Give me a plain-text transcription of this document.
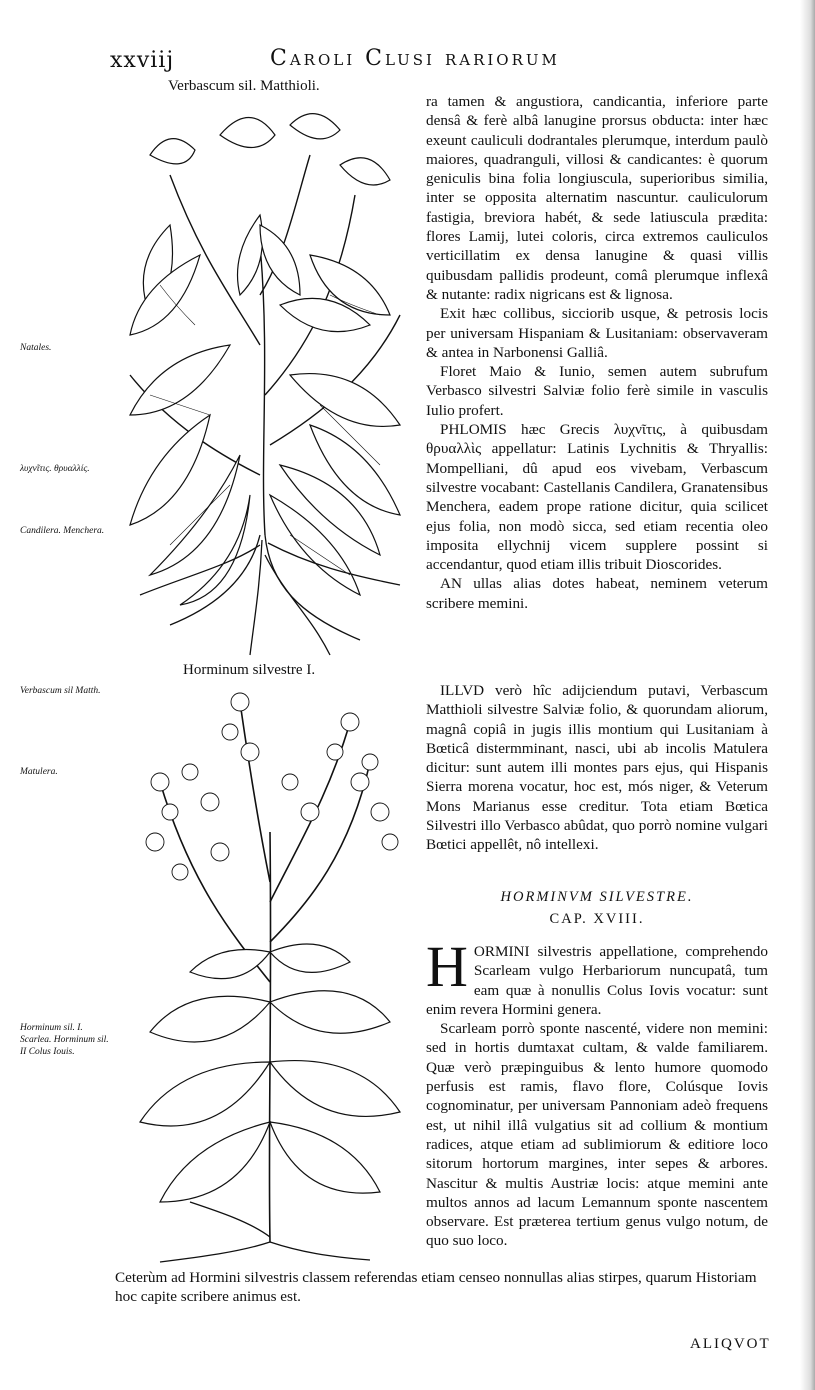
xxviij	Caroli Clusi rariorum
Verbascum sil. Matthioli.
Horminum silvestre I.
Natales.
λυχνῖτις. θρυαλλίς.
Candilera. Menchera.
Verbascum sil Matth.
Matulera.
Horminum sil. I. Scarlea. Horminum sil. II Colus Iouis.

ra tamen & angustiora, candicantia, inferiore parte densâ & ferè albâ lanugine prorsus obducta: inter hæc exeunt cauliculi dodrantales plerumque, interdum paulò maiores, quadranguli, villosi & candicantes: è quorum geniculis bina folia longiuscula, superioribus similia, inter se opposita alternatim nascuntur. cauliculorum fastigia, breviora habét, & sede latiuscula prædita: flores Lamij, lutei coloris, circa extremos cauliculos verticillatim ex densa lanugine & quasi villis quibusdam pallidis prodeunt, comâ plerumque inflexâ & nutante: radix nigricans est & lignosa.

Exit hæc collibus, sicciorib usque, & petrosis locis per universam Hispaniam & Lusitaniam: observaveram & antea in Narbonensi Galliâ.

Floret Maio & Iunio, semen autem subrufum Verbasco silvestri Salviæ folio ferè simile in vasculis Iulio profert.

PHLOMIS hæc Grecis λυχνῖτις, à quibusdam θρυαλλὶς appellatur: Latinis Lychnitis & Thryallis: Mompelliani, dû apud eos vivebam, Verbascum silvestre vocabant: Castellanis Candilera, Granatensibus Menchera, eadem prope ratione dicitur, quia scilicet ejus folia, non modò sicca, sed etiam recentia oleo imposita ellychnij vicem supplere possint si accendantur, quod etiam illis tribuit Dioscorides.

AN ullas alias dotes habeat, neminem veterum scribere memini.

ILLVD verò hîc adijciendum putavi, Verbascum Matthioli silvestre Salviæ folio, & quorundam aliorum, magnâ copiâ in jugis illis montium qui Lusitaniam à Bœticâ distermminant, nasci, ubi ab incolis Matulera dicitur: sunt autem illi montes pars ejus, qui Hispanis Sierra morena vocatur, hoc est, mós niger, & Veterum Mons Marianus esse creditur. Tota etiam Bœtica Silvestri illo Verbasco abûdat, quo porrò nomine vulgari Bœtici appellêt, nô intellexi.

HORMINVM SILVESTRE.
CAP. XVIII.

HORMINI silvestris appellatione, comprehendo Scarleam vulgo Herbariorum nuncupatâ, tum eam quæ à nonullis Colus Iovis vocatur: sunt enim revera Hormini genera.

Scarleam porrò sponte nascenté, videre non memini: sed in hortis dumtaxat cultam, & valde familiarem. Quæ verò præpinguibus & lento humore quomodo perfusis est ramis, flavo flore, Colúsque Iovis cognominatur, per universam Pannoniam adeò frequens est, ut nihil illâ vulgatius sit ad collium & montium radices, atque etiam ad sublimiorum & editiore loco sitorum hortorum margines, inter sepes & arbores. Nascitur & multis Austriæ locis: atque memini ante multos annos ad lacum Lemannum sponte nascentem observare. Est præterea tertium genus vulgo notum, de quo suo loco.

Ceterùm ad Hormini silvestris classem referendas etiam censeo nonnullas alias stirpes, quarum Historiam hoc capite scribere animus est.

ALIQVOT
